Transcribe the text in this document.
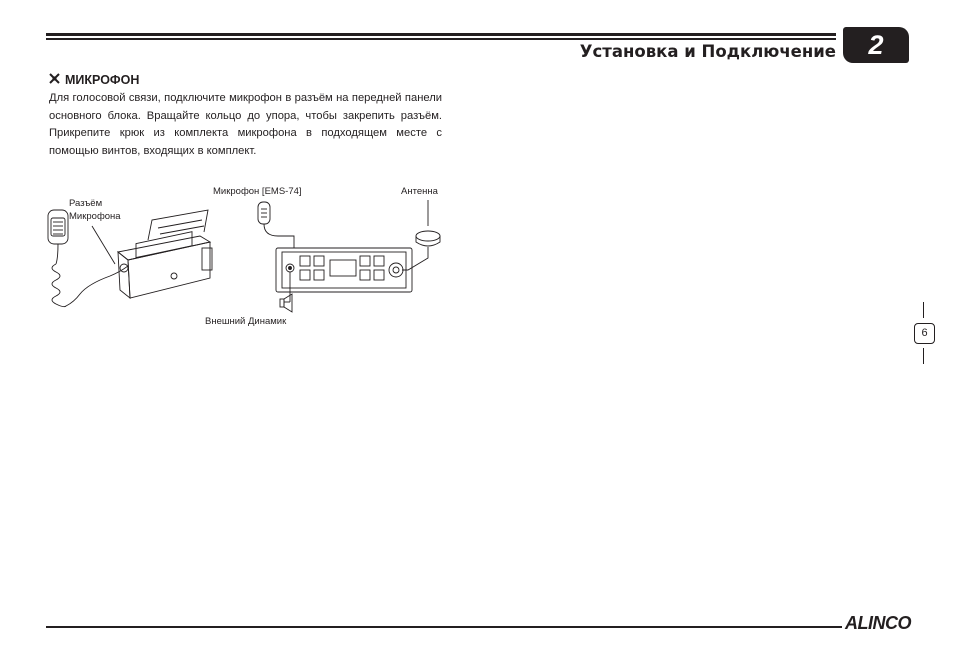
Установка и Подключение	2
МИКРОФОН

Для голосовой связи, подключите микрофон в разъём на передней панели основного блока. Вращайте кольцо до упора, чтобы закрепить разъём. Прикрепите крюк из комплекта микрофона в подходящем месте с помощью винтов, входящих в комплект.

Разъём
Микрофона
Микрофон [EMS-74]	Антенна
Внешний Динамик
6
ALINCO
